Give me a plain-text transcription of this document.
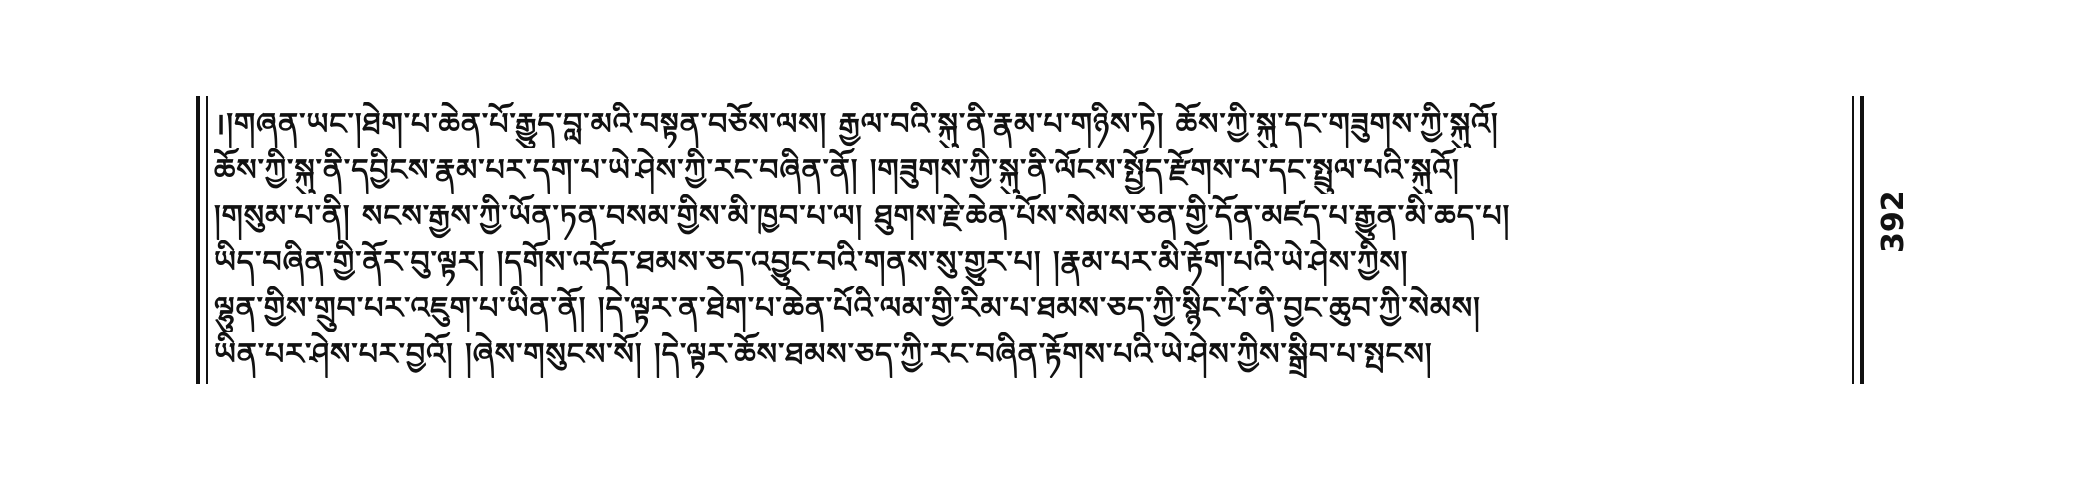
।།གཞན་ཡང་།ཐེག་པ་ཆེན་པོ་རྒྱུད་བླ་མའི་བསྟན་བཅོས་ལས། རྒྱལ་བའི་སྐུ་ནི་རྣམ་པ་གཉིས་ཏེ། ཆོས་ཀྱི་སྐུ་དང་གཟུགས་ཀྱི་སྐུའོ།
ཆོས་ཀྱི་སྐུ་ནི་དབྱིངས་རྣམ་པར་དག་པ་ཡེ་ཤེས་ཀྱི་རང་བཞིན་ནོ། །གཟུགས་ཀྱི་སྐུ་ནི་ལོངས་སྤྱོད་རྫོགས་པ་དང་སྤྲུལ་པའི་སྐུའོ།
།གསུམ་པ་ནི། སངས་རྒྱས་ཀྱི་ཡོན་ཏན་བསམ་གྱིས་མི་ཁྱབ་པ་ལ། ཐུགས་རྗེ་ཆེན་པོས་སེམས་ཅན་གྱི་དོན་མཛད་པ་རྒྱུན་མི་ཆད་པ།
ཡིད་བཞིན་གྱི་ནོར་བུ་ལྟར། །དགོས་འདོད་ཐམས་ཅད་འབྱུང་བའི་གནས་སུ་གྱུར་པ། །རྣམ་པར་མི་རྟོག་པའི་ཡེ་ཤེས་ཀྱིས།
ལྷུན་གྱིས་གྲུབ་པར་འཇུག་པ་ཡིན་ནོ། །དེ་ལྟར་ན་ཐེག་པ་ཆེན་པོའི་ལམ་གྱི་རིམ་པ་ཐམས་ཅད་ཀྱི་སྙིང་པོ་ནི་བྱང་ཆུབ་ཀྱི་སེམས།
ཡིན་པར་ཤེས་པར་བྱའོ། །ཞེས་གསུངས་སོ། །དེ་ལྟར་ཆོས་ཐམས་ཅད་ཀྱི་རང་བཞིན་རྟོགས་པའི་ཡེ་ཤེས་ཀྱིས་སྒྲིབ་པ་སྤངས།
392
